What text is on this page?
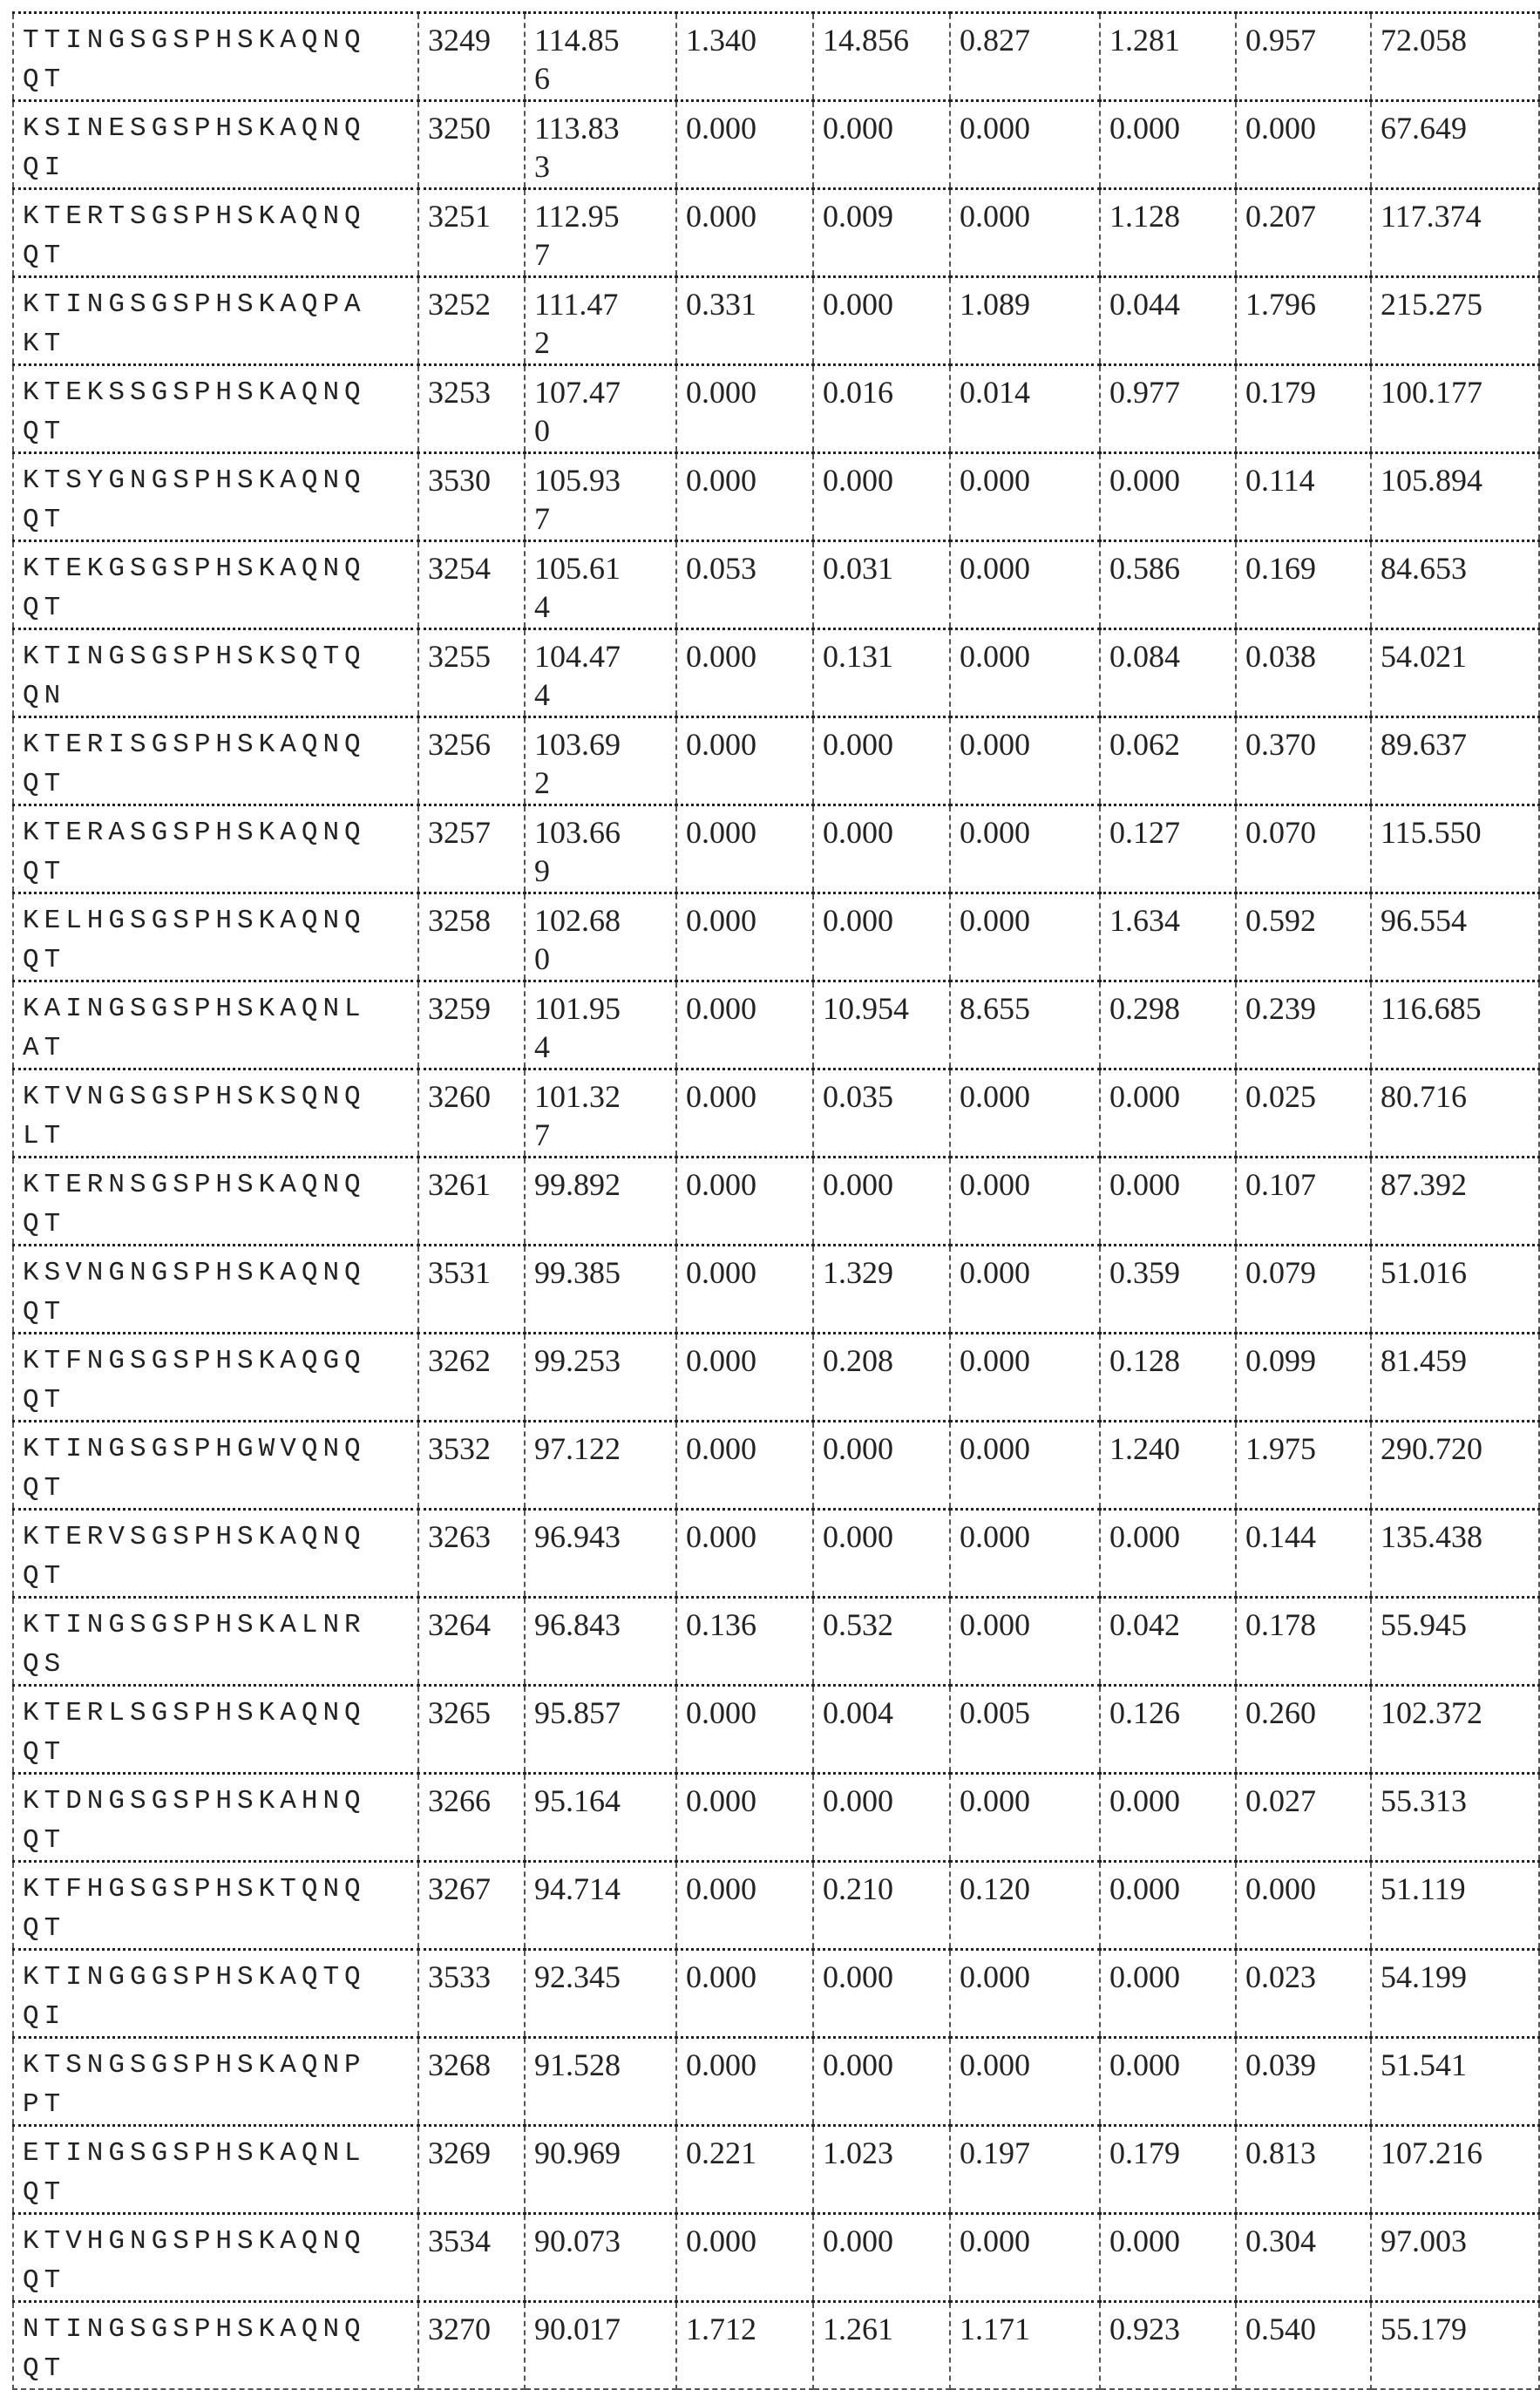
TTINGSGSPHSKAQNQQT

3249	114.856

1.340	14.856	0.827	1.281	0.957	72.058

KSINESGSPHSKAQNQQI

3250	113.833

0.000	0.000	0.000	0.000	0.000	67.649

KTERTSGSPHSKAQNQQT

3251	112.957

0.000	0.009	0.000	1.128	0.207	117.374

KTINGSGSPHSKAQPAKT

3252	111.472

0.331	0.000	1.089	0.044	1.796	215.275

KTEKSSGSPHSKAQNQQT

3253	107.470

0.000	0.016	0.014	0.977	0.179	100.177

KTSYGNGSPHSKAQNQQT

3530	105.937

0.000	0.000	0.000	0.000	0.114	105.894

KTEKGSGSPHSKAQNQQT

3254	105.614

0.053	0.031	0.000	0.586	0.169	84.653

KTINGSGSPHSKSQTQQN

3255	104.474

0.000	0.131	0.000	0.084	0.038	54.021

KTERISGSPHSKAQNQQT

3256	103.692

0.000	0.000	0.000	0.062	0.370	89.637

KTERASGSPHSKAQNQQT

3257	103.669

0.000	0.000	0.000	0.127	0.070	115.550

KELHGSGSPHSKAQNQQT

3258	102.680

0.000	0.000	0.000	1.634	0.592	96.554

KAINGSGSPHSKAQNLAT

3259	101.954

0.000	10.954	8.655	0.298	0.239	116.685

KTVNGSGSPHSKSQNQLT

3260	101.327

0.000	0.035	0.000	0.000	0.025	80.716

KTERNSGSPHSKAQNQQT

3261	99.892	0.000	0.000	0.000	0.000	0.107	87.392

KSVNGNGSPHSKAQNQQT

3531	99.385	0.000	1.329	0.000	0.359	0.079	51.016

KTFNGSGSPHSKAQGQQT

3262	99.253	0.000	0.208	0.000	0.128	0.099	81.459

KTINGSGSPHGWVQNQQT

3532	97.122	0.000	0.000	0.000	1.240	1.975	290.720

KTERVSGSPHSKAQNQQT

3263	96.943	0.000	0.000	0.000	0.000	0.144	135.438

KTINGSGSPHSKALNRQS

3264	96.843	0.136	0.532	0.000	0.042	0.178	55.945

KTERLSGSPHSKAQNQQT

3265	95.857	0.000	0.004	0.005	0.126	0.260	102.372

KTDNGSGSPHSKAHNQQT

3266	95.164	0.000	0.000	0.000	0.000	0.027	55.313

KTFHGSGSPHSKTQNQQT

3267	94.714	0.000	0.210	0.120	0.000	0.000	51.119

KTINGGGSPHSKAQTQQI

3533	92.345	0.000	0.000	0.000	0.000	0.023	54.199

KTSNGSGSPHSKAQNPPT

3268	91.528	0.000	0.000	0.000	0.000	0.039	51.541

ETINGSGSPHSKAQNLQT

3269	90.969	0.221	1.023	0.197	0.179	0.813	107.216

KTVHGNGSPHSKAQNQQT

3534	90.073	0.000	0.000	0.000	0.000	0.304	97.003

NTINGSGSPHSKAQNQQT

3270	90.017	1.712	1.261	1.171	0.923	0.540	55.179
